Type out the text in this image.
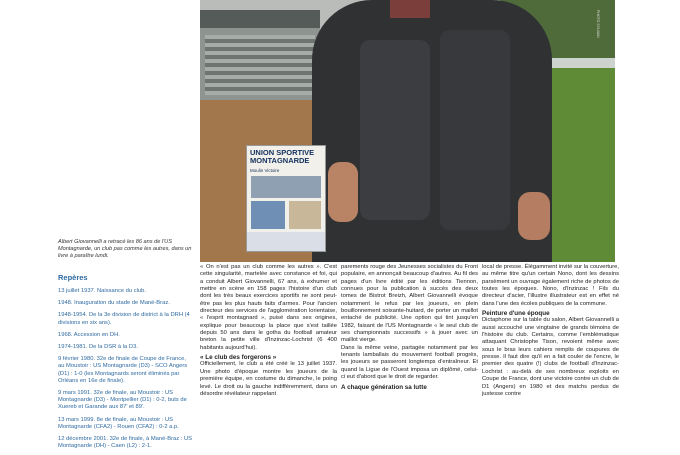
UNION SPORTIVE MONTAGNARDE
Moulin Victoire
PHOTO SYLVAIN
Albert Giovannelli a retracé les 86 ans de l'US Montagnarde, un club pas comme les autres, dans un livre à paraître lundi.
Repères
13 juillet 1937. Naissance du club.
1948. Inauguration du stade de Mané-Braz.
1948-1954. De la 3e division de district à la DRH (4 divisions en six ans).
1968. Accession en DH.
1974-1981. De la DSR à la D3.
9 février 1980. 32e de finale de Coupe de France, au Moustoir : US Montagnarde (D3) - SCO Angers (D1) : 1-0 (les Montagnards seront éliminés par Orléans en 16e de finale).
9 mars 1991. 32e de finale, au Moustoir : US Montagnarde (D3) - Montpellier (D1) : 0-2, buts de Xuereb et Garande aux 87' et 89'.
13 mars 1999. 8e de finale, au Moustoir : US Montagnarde (CFA2) - Rouen (CFA2) : 0-2 a.p.
12 décembre 2001. 32e de finale, à Mané-Braz : US Montagnarde (DH) - Caen (L2) : 2-1.

« On n'est pas un club comme les autres ». C'est cette singularité, martelée avec constance et foi, qui a conduit Albert Giovannelli, 67 ans, à exhumer et mettre en scène en 158 pages l'histoire d'un club dont les très beaux exercices sportifs ne sont peut-être pas les plus hauts faits d'armes. Pour l'ancien directeur des services de l'agglomération lorientaise, « l'esprit montagnard », puisé dans ses origines, explique pour beaucoup la place que s'est taillée depuis 50 ans dans le gotha du football amateur breton la petite ville d'Inzinzac-Lochrist (6 400 habitants aujourd'hui).

« Le club des forgerons »

Officiellement, le club a été créé le 13 juillet 1937. Une photo d'époque montre les joueurs de la première équipe, en costume du dimanche, le poing levé. Le droit ou la gauche indifféremment, dans un désordre révélateur rappelant

parements rouge des Jeunesses socialistes du Front populaire, en annonçait beaucoup d'autres. Au fil des pages d'un livre édité par les éditions Tiennon, connues pour la publication à succès des deux tomes de Bistrot Breizh, Albert Giovannelli évoque notamment le refus par les joueurs, en plein bouillonnement soixante-huitard, de porter un maillot entaché de publicité. Une option qui tint jusqu'en 1982, faisant de l'US Montagnarde « le seul club de ses championnats successifs » à jouer avec un maillot vierge.

Dans la même veine, partagée notamment par les tenants lamballais du mouvement football progrès, les joueurs se passeront longtemps d'entraîneur. Et quand la Ligue de l'Ouest imposa un diplômé, celui-ci eut d'abord que le droit de regarder.

A chaque génération sa lutte

local de presse. Élégamment invité sur la couverture, au même titre qu'un certain Nono, dont les dessins parsèment un ouvrage également riche de photos de toutes les époques. Nono, d'Inzinzac ! Fils du directeur d'acier, l'illustre illustrateur est en effet né dans l'une des écoles publiques de la commune.

Peinture d'une époque

Dictaphone sur la table du salon, Albert Giovannelli a aussi accouché une vingtaine de grands témoins de l'histoire du club. Certains, comme l'emblématique attaquant Christophe Tison, revoient même avec sous le bras leurs cahiers remplis de coupures de presse. Il faut dire qu'il en a fait couler de l'encre, le premier des quatre (!) clubs de football d'Inzinzac-Lochrist : au-delà de ses nombreux exploits en Coupe de France, dont une victoire contre un club de D1 (Angers) en 1980 et des matchs perdus de justesse contre
